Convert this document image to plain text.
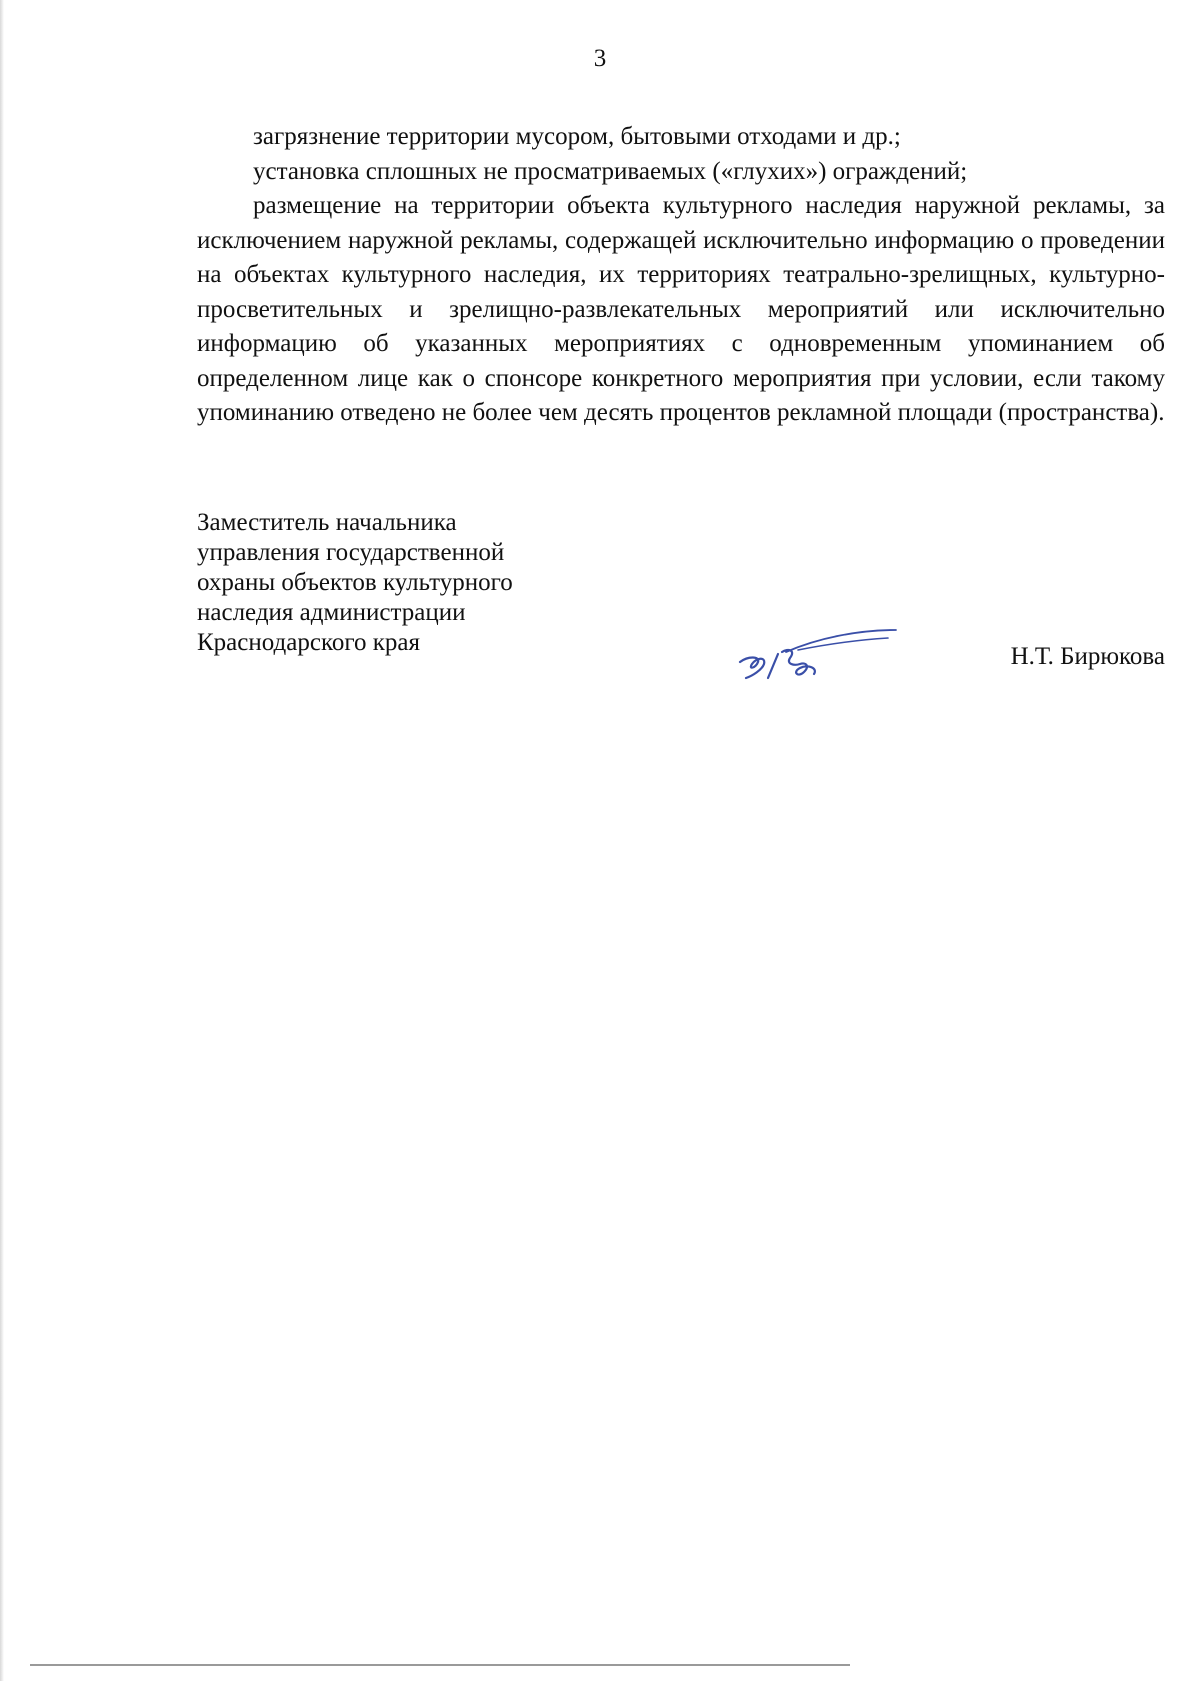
3

загрязнение территории мусором, бытовыми отходами и др.;

установка сплошных не просматриваемых («глухих») ограждений;

размещение на территории объекта культурного наследия наружной рекламы, за исключением наружной рекламы, содержащей исключительно информацию о проведении на объектах культурного наследия, их территориях театрально-зрелищных, культурно-просветительных и зрелищно-развлекательных мероприятий или исключительно информацию об указанных мероприятиях с одновременным упоминанием об определенном лице как о спонсоре конкретного мероприятия при условии, если такому упоминанию отведено не более чем десять процентов рекламной площади (пространства).

Заместитель начальника
управления государственной
охраны объектов культурного
наследия администрации
Краснодарского края
Н.Т. Бирюкова
